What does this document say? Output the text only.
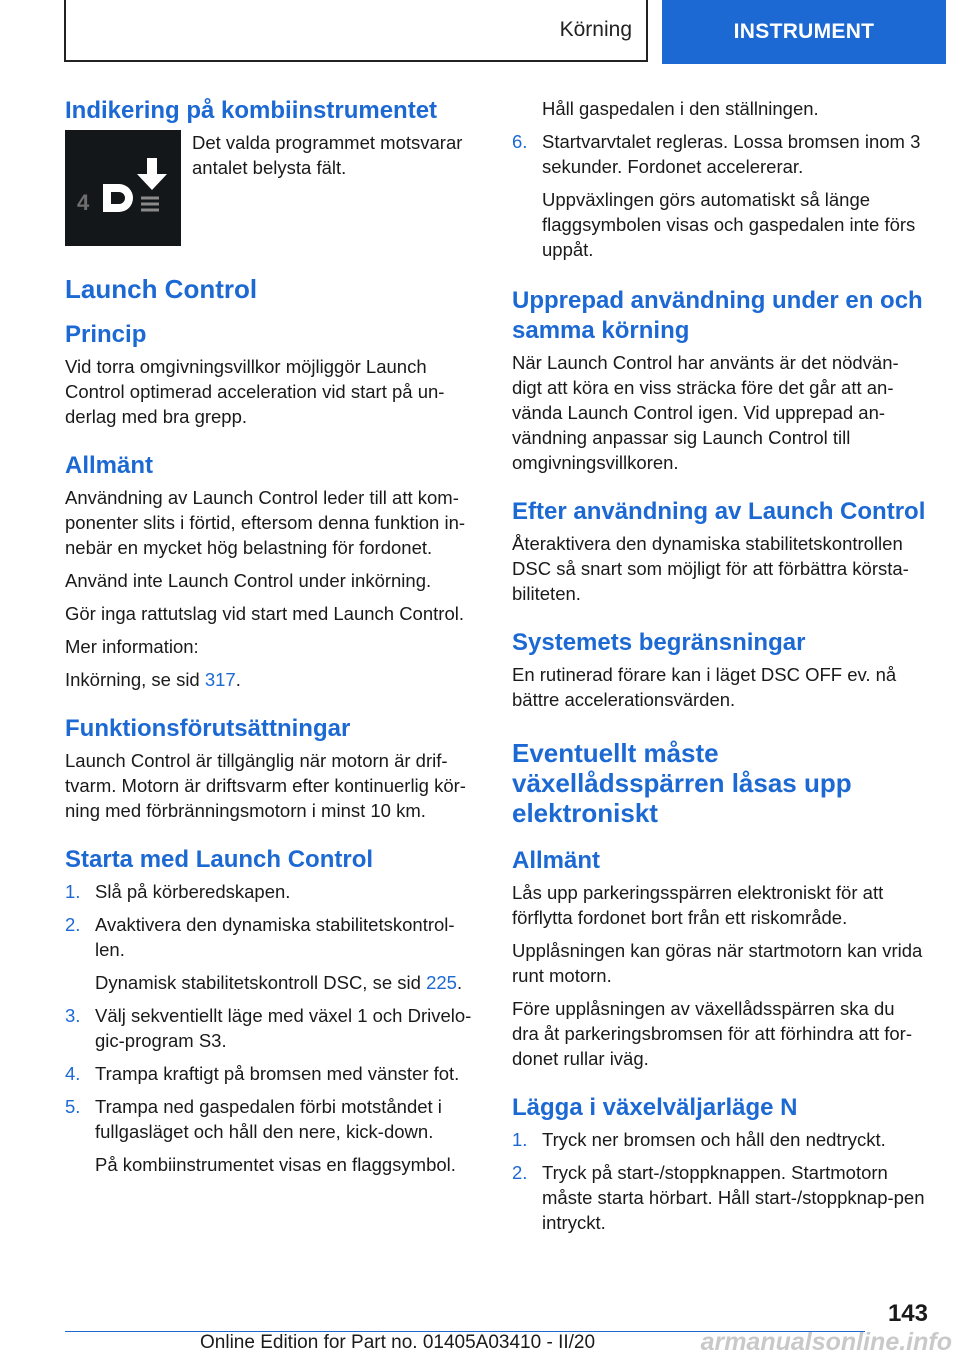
Körning	INSTRUMENT
Indikering på kombiinstrumentet
4

Det valda programmet motsvarar antalet belysta fält.

Launch Control
Princip

Vid torra omgivningsvillkor möjliggör Launch Control optimerad acceleration vid start på un-derlag med bra grepp.

Allmänt

Användning av Launch Control leder till att kom-ponenter slits i förtid, eftersom denna funktion in-nebär en mycket hög belastning för fordonet.

Använd inte Launch Control under inkörning.

Gör inga rattutslag vid start med Launch Control.

Mer information:

Inkörning, se sid 317.

Funktionsförutsättningar

Launch Control är tillgänglig när motorn är drif-tvarm. Motorn är driftsvarm efter kontinuerlig kör-ning med förbränningsmotorn i minst 10 km.

Starta med Launch Control
1. Slå på körberedskapen.
2. Avaktivera den dynamiska stabilitetskontrol-len.
Dynamisk stabilitetskontroll DSC, se sid 225.
3. Välj sekventiellt läge med växel 1 och Drivelo-gic-program S3.
4. Trampa kraftigt på bromsen med vänster fot.
5. Trampa ned gaspedalen förbi motståndet i fullgasläget och håll den nere, kick-down.
På kombiinstrumentet visas en flaggsymbol.
Håll gaspedalen i den ställningen.
6. Startvarvtalet regleras. Lossa bromsen inom 3 sekunder. Fordonet accelererar.
Uppväxlingen görs automatiskt så länge flaggsymbolen visas och gaspedalen inte förs uppåt.
Upprepad användning under en och samma körning

När Launch Control har använts är det nödvän-digt att köra en viss sträcka före det går att an-vända Launch Control igen. Vid upprepad an-vändning anpassar sig Launch Control till omgivningsvillkoren.

Efter användning av Launch Control

Återaktivera den dynamiska stabilitetskontrollen DSC så snart som möjligt för att förbättra körsta-biliteten.

Systemets begränsningar

En rutinerad förare kan i läget DSC OFF ev. nå bättre accelerationsvärden.

Eventuellt måste växellådsspärren låsas upp elektroniskt
Allmänt

Lås upp parkeringsspärren elektroniskt för att förflytta fordonet bort från ett riskområde.

Upplåsningen kan göras när startmotorn kan vrida runt motorn.

Före upplåsningen av växellådsspärren ska du dra åt parkeringsbromsen för att förhindra att for-donet rullar iväg.

Lägga i växelväljarläge N
1. Tryck ner bromsen och håll den nedtryckt.
2. Tryck på start-/stoppknappen. Startmotorn måste starta hörbart. Håll start-/stoppknap-pen intryckt.
143
Online Edition for Part no. 01405A03410 - II/20	armanualsonline.info
